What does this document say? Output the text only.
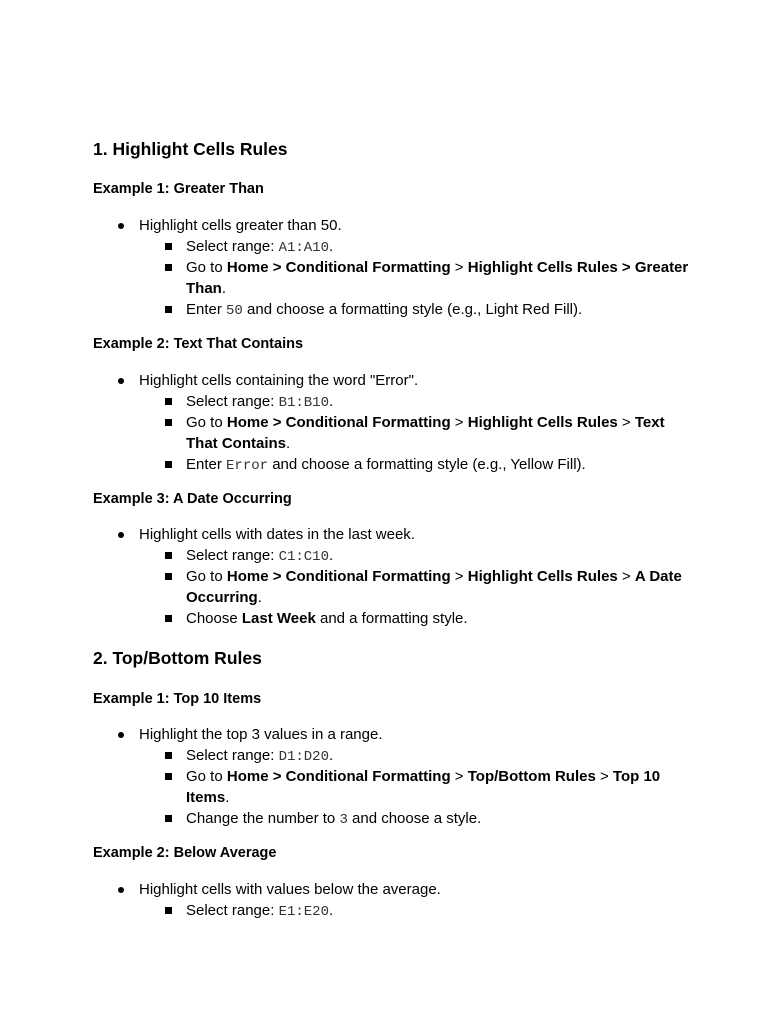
1. Highlight Cells Rules
Example 1: Greater Than
Highlight cells greater than 50.
Select range: A1:A10.
Go to Home > Conditional Formatting > Highlight Cells Rules > Greater
Than.
Enter 50 and choose a formatting style (e.g., Light Red Fill).
Example 2: Text That Contains
Highlight cells containing the word "Error".
Select range: B1:B10.
Go to Home > Conditional Formatting > Highlight Cells Rules > Text
That Contains.
Enter Error and choose a formatting style (e.g., Yellow Fill).
Example 3: A Date Occurring
Highlight cells with dates in the last week.
Select range: C1:C10.
Go to Home > Conditional Formatting > Highlight Cells Rules > A Date
Occurring.
Choose Last Week and a formatting style.
2. Top/Bottom Rules
Example 1: Top 10 Items
Highlight the top 3 values in a range.
Select range: D1:D20.
Go to Home > Conditional Formatting > Top/Bottom Rules > Top 10
Items.
Change the number to 3 and choose a style.
Example 2: Below Average
Highlight cells with values below the average.
Select range: E1:E20.
